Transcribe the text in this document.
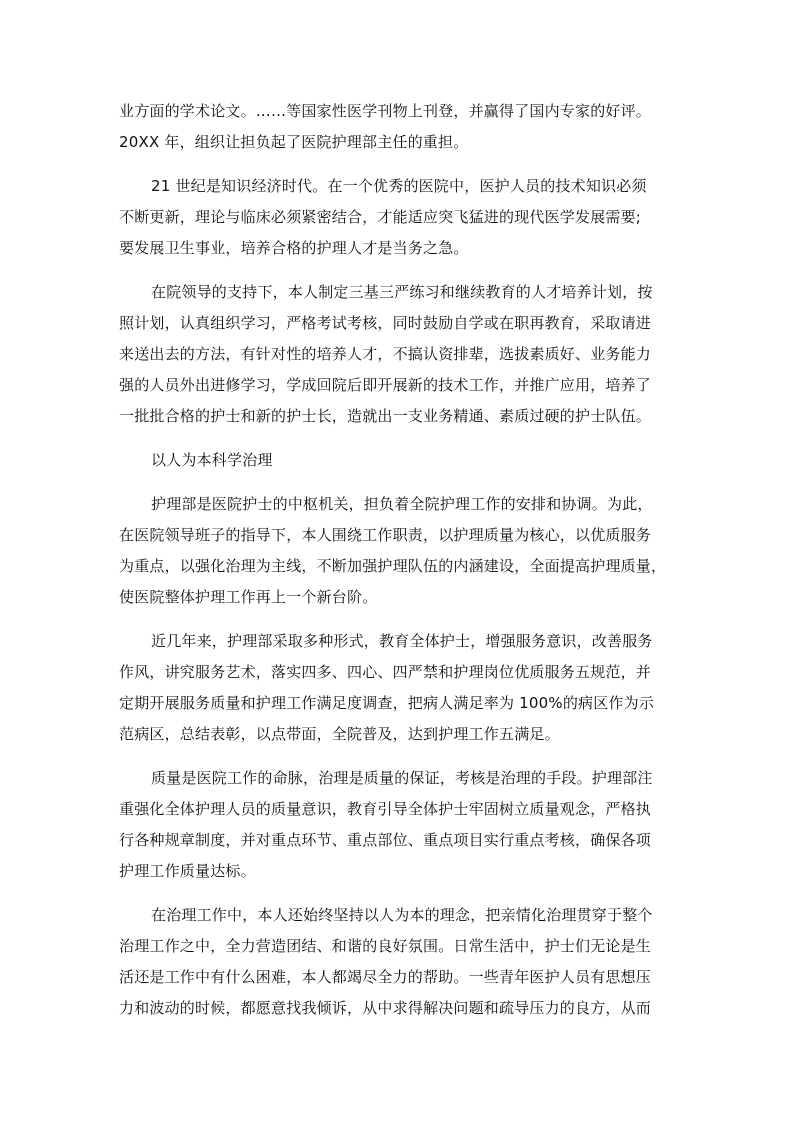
业方面的学术论文。……等国家性医学刊物上刊登，并赢得了国内专家的好评。
20XX 年，组织让担负起了医院护理部主任的重担。
21 世纪是知识经济时代。在一个优秀的医院中，医护人员的技术知识必须
不断更新，理论与临床必须紧密结合，才能适应突飞猛进的现代医学发展需要;
要发展卫生事业，培养合格的护理人才是当务之急。
在院领导的支持下，本人制定三基三严练习和继续教育的人才培养计划，按
照计划，认真组织学习，严格考试考核，同时鼓励自学或在职再教育，采取请进
来送出去的方法，有针对性的培养人才，不搞认资排辈，选拔素质好、业务能力
强的人员外出进修学习，学成回院后即开展新的技术工作，并推广应用，培养了
一批批合格的护士和新的护士长，造就出一支业务精通、素质过硬的护士队伍。
以人为本科学治理
护理部是医院护士的中枢机关，担负着全院护理工作的安排和协调。为此，
在医院领导班子的指导下，本人围绕工作职责，以护理质量为核心，以优质服务
为重点，以强化治理为主线，不断加强护理队伍的内涵建设，全面提高护理质量，
使医院整体护理工作再上一个新台阶。
近几年来，护理部采取多种形式，教育全体护士，增强服务意识，改善服务
作风，讲究服务艺术，落实四多、四心、四严禁和护理岗位优质服务五规范，并
定期开展服务质量和护理工作满足度调查，把病人满足率为 100%的病区作为示
范病区，总结表彰，以点带面，全院普及，达到护理工作五满足。
质量是医院工作的命脉，治理是质量的保证，考核是治理的手段。护理部注
重强化全体护理人员的质量意识，教育引导全体护士牢固树立质量观念，严格执
行各种规章制度，并对重点环节、重点部位、重点项目实行重点考核，确保各项
护理工作质量达标。
在治理工作中，本人还始终坚持以人为本的理念，把亲情化治理贯穿于整个
治理工作之中，全力营造团结、和谐的良好氛围。日常生活中，护士们无论是生
活还是工作中有什么困难，本人都竭尽全力的帮助。一些青年医护人员有思想压
力和波动的时候，都愿意找我倾诉，从中求得解决问题和疏导压力的良方，从而
